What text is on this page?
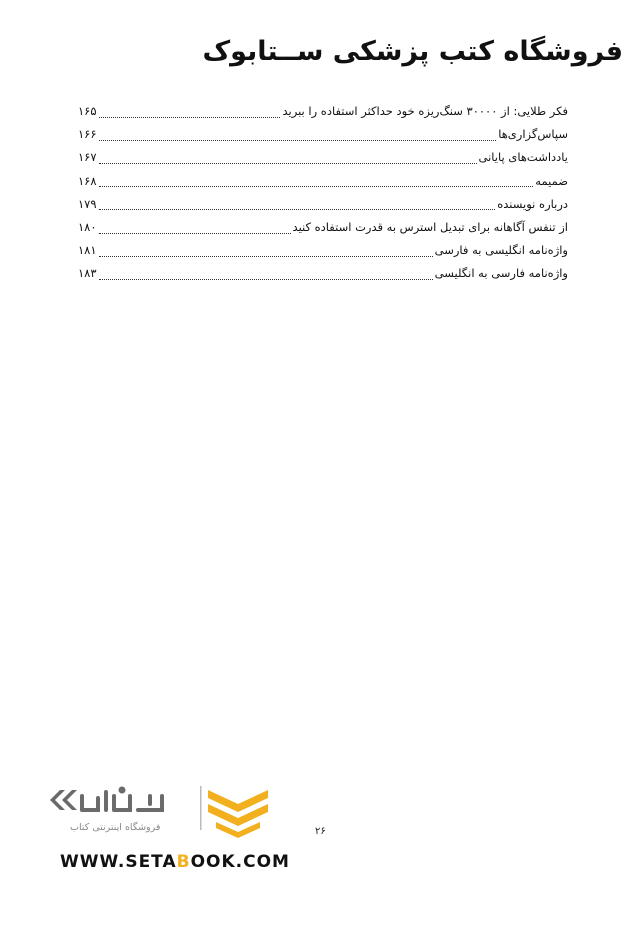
فروشگاه کتب پزشکی ســتابوک
فکر طلایی: از ۳۰۰۰۰ سنگ‌ریزه خود حداکثر استفاده را ببرید
۱۶۵
سپاس‌گزاری‌ها
۱۶۶
یادداشت‌های پایانی
۱۶۷
ضمیمه
۱۶۸
درباره نویسنده
۱۷۹
از تنفس آگاهانه برای تبدیل استرس به قدرت استفاده کنید
۱۸۰
واژه‌نامه انگلیسی به فارسی
۱۸۱
واژه‌نامه فارسی به انگلیسی
۱۸۳
فروشگاه اینترنتی کتاب
WWW.SETABOOK.COM
۲۶
